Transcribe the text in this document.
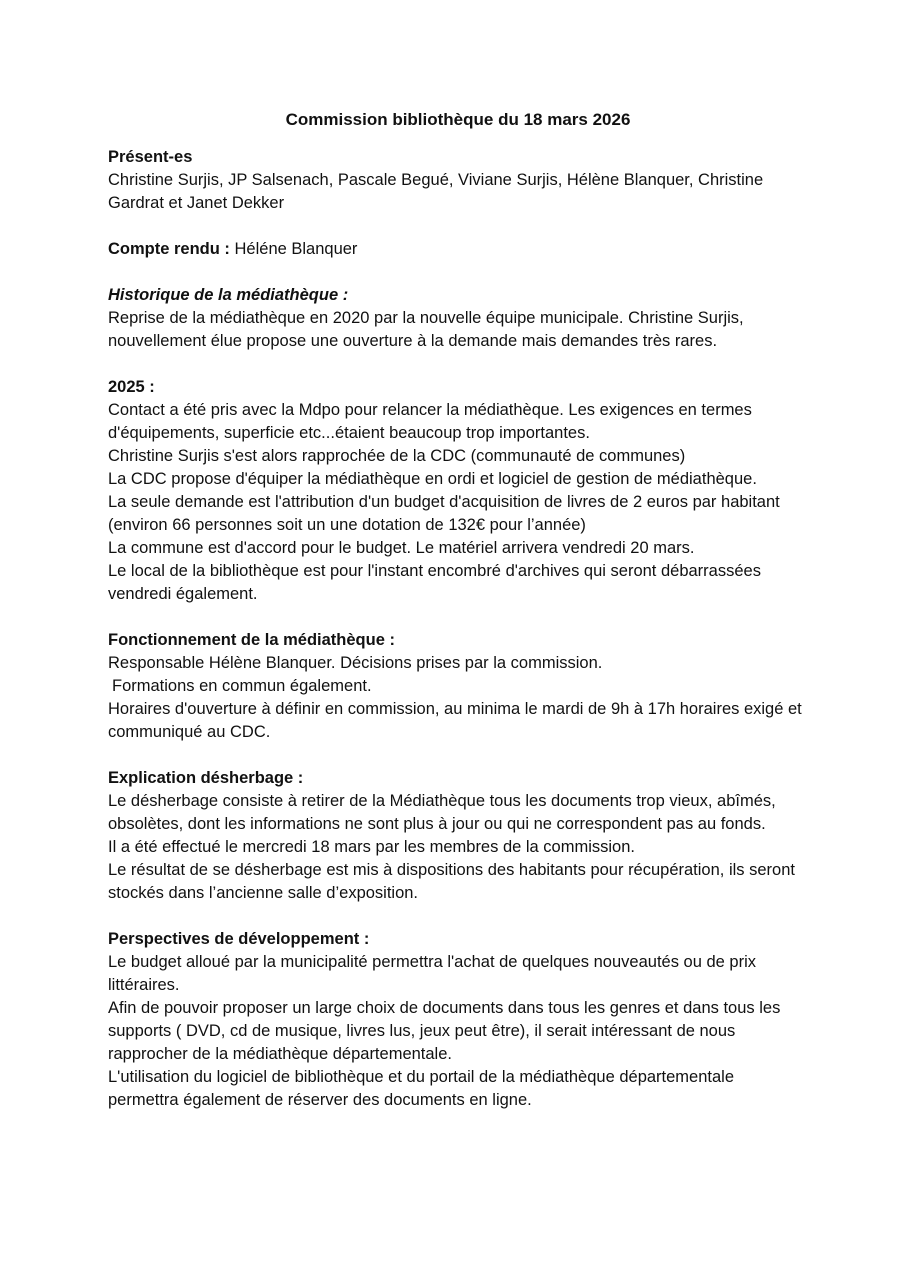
Commission bibliothèque du 18 mars 2026
Présent-es
Christine Surjis, JP Salsenach, Pascale Begué, Viviane Surjis, Hélène Blanquer, Christine Gardrat et Janet Dekker
Compte rendu : Héléne Blanquer
Historique de la médiathèque :
Reprise de la médiathèque en 2020 par la nouvelle équipe municipale. Christine Surjis, nouvellement élue propose une ouverture à la demande mais demandes très rares.
2025 :
Contact a été pris avec la Mdpo pour relancer la médiathèque. Les exigences en termes d'équipements, superficie etc...étaient beaucoup trop importantes.
Christine Surjis s'est alors rapprochée de la CDC (communauté de communes)
La CDC propose d'équiper la médiathèque en ordi et logiciel de gestion de médiathèque.
La seule demande est l'attribution d'un budget d'acquisition de livres de 2 euros par habitant (environ 66 personnes soit un une dotation de 132€ pour l’année)
La commune est d'accord pour le budget. Le matériel arrivera vendredi 20 mars.
Le local de la bibliothèque est pour l'instant encombré d'archives qui seront débarrassées vendredi également.
Fonctionnement de la médiathèque :
Responsable Hélène Blanquer. Décisions prises par la commission.
Formations en commun également.
Horaires d'ouverture à définir en commission, au minima le mardi de 9h à 17h horaires exigé et communiqué au CDC.
Explication désherbage :
Le désherbage consiste à retirer de la Médiathèque tous les documents trop vieux, abîmés, obsolètes, dont les informations ne sont plus à jour ou qui ne correspondent pas au fonds.
Il a été effectué le mercredi 18 mars par les membres de la commission.
Le résultat de se désherbage est mis à dispositions des habitants pour récupération, ils seront stockés dans l’ancienne salle d’exposition.
Perspectives de développement :
Le budget alloué par la municipalité permettra l'achat de quelques nouveautés ou de prix littéraires.
Afin de pouvoir proposer un large choix de documents dans tous les genres et dans tous les supports ( DVD, cd de musique, livres lus, jeux peut être), il serait intéressant de nous rapprocher de la médiathèque départementale.
L'utilisation du logiciel de bibliothèque et du portail de la médiathèque départementale permettra également de réserver des documents en ligne.
